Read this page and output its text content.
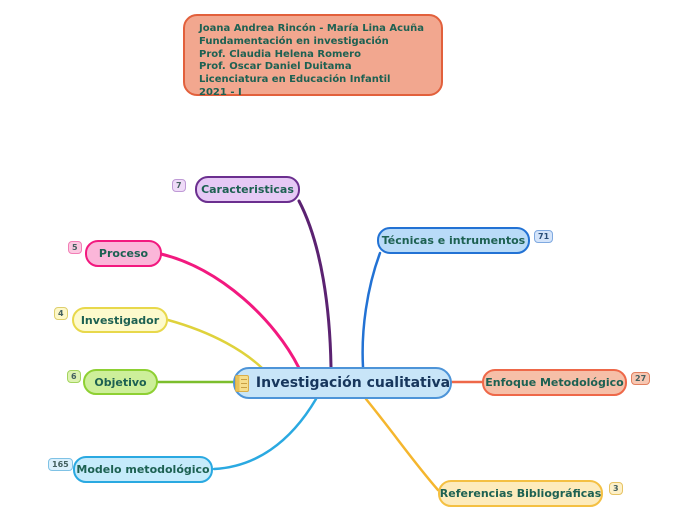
Joana Andrea Rincón - María Lina Acuña
Fundamentación en investigación
Prof. Claudia Helena Romero
Prof. Oscar Daniel Duitama
Licenciatura en Educación Infantil
2021 - I
Investigación cualitativa
Caracteristicas
7
Proceso
5
Investigador
4
Objetivo
6
Modelo metodológico
165
Técnicas e intrumentos	71
Enfoque Metodológico	27
Referencias Bibliográficas	3
